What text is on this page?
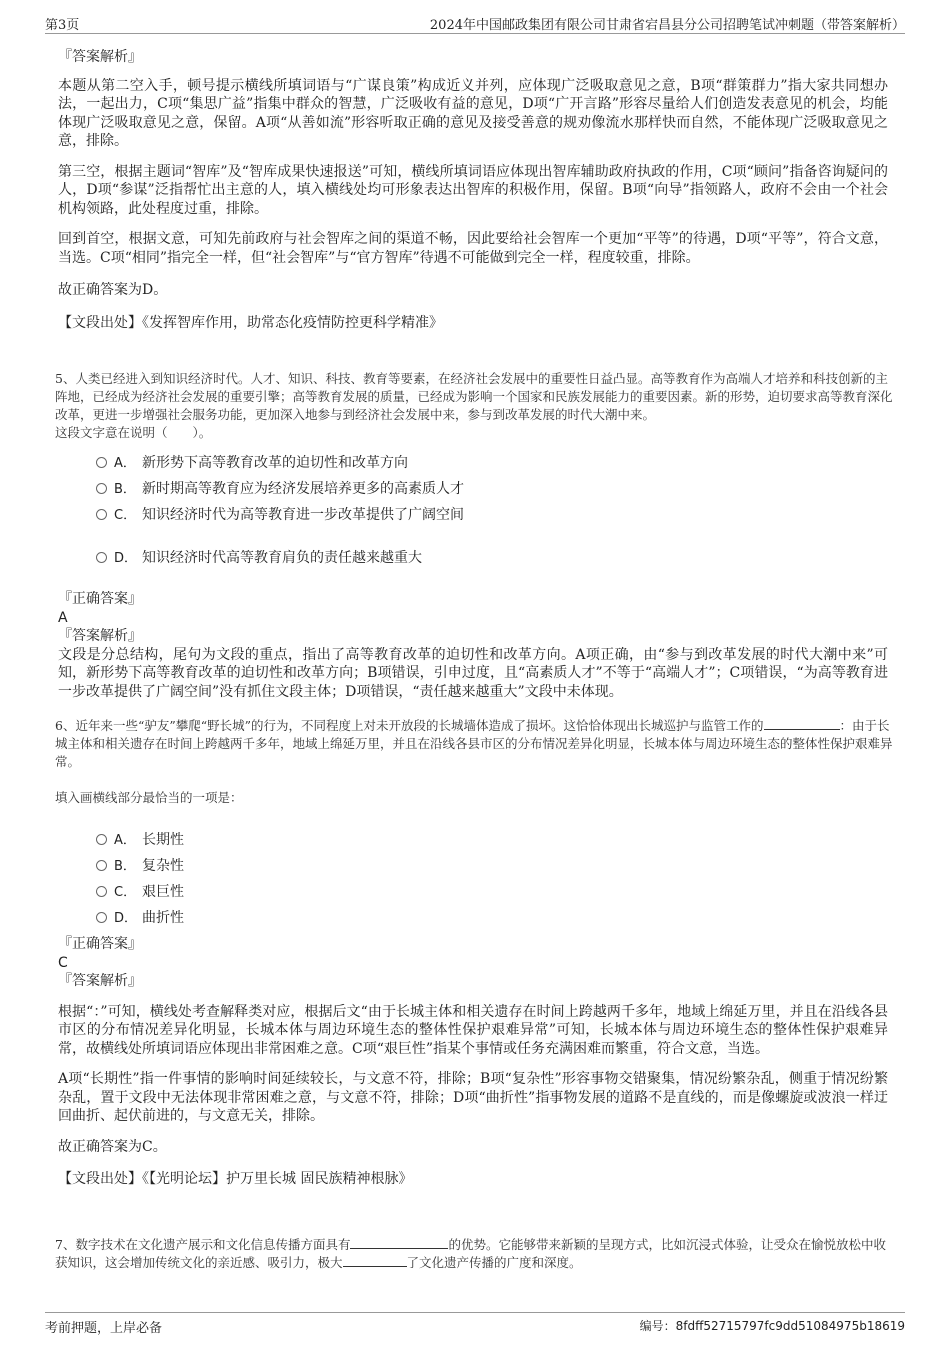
第3页	2024年中国邮政集团有限公司甘肃省宕昌县分公司招聘笔试冲刺题（带答案解析）

『答案解析』

本题从第二空入手，顿号提示横线所填词语与“广谋良策”构成近义并列，应体现广泛吸取意见之意，B项“群策群力”指大家共同想办法，一起出力，C项“集思广益”指集中群众的智慧，广泛吸收有益的意见，D项“广开言路”形容尽量给人们创造发表意见的机会，均能体现广泛吸取意见之意，保留。A项“从善如流”形容听取正确的意见及接受善意的规劝像流水那样快而自然，不能体现广泛吸取意见之意，排除。

第三空，根据主题词“智库”及“智库成果快速报送”可知，横线所填词语应体现出智库辅助政府执政的作用，C项“顾问”指备咨询疑问的人，D项“参谋”泛指帮忙出主意的人，填入横线处均可形象表达出智库的积极作用，保留。B项“向导”指领路人，政府不会由一个社会机构领路，此处程度过重，排除。

回到首空，根据文意，可知先前政府与社会智库之间的渠道不畅，因此要给社会智库一个更加“平等”的待遇，D项“平等”，符合文意，当选。C项“相同”指完全一样，但“社会智库”与“官方智库”待遇不可能做到完全一样，程度较重，排除。

故正确答案为D。

【文段出处】《发挥智库作用，助常态化疫情防控更科学精准》

5、人类已经进入到知识经济时代。人才、知识、科技、教育等要素，在经济社会发展中的重要性日益凸显。高等教育作为高端人才培养和科技创新的主阵地，已经成为经济社会发展的重要引擎；高等教育发展的质量，已经成为影响一个国家和民族发展能力的重要因素。新的形势，迫切要求高等教育深化改革，更进一步增强社会服务功能，更加深入地参与到经济社会发展中来，参与到改革发展的时代大潮中来。
这段文字意在说明（　　）。
A． 新形势下高等教育改革的迫切性和改革方向
B． 新时期高等教育应为经济发展培养更多的高素质人才
C． 知识经济时代为高等教育进一步改革提供了广阔空间
D． 知识经济时代高等教育肩负的责任越来越重大
『正确答案』
A
『答案解析』
文段是分总结构，尾句为文段的重点，指出了高等教育改革的迫切性和改革方向。A项正确，由“参与到改革发展的时代大潮中来”可知，新形势下高等教育改革的迫切性和改革方向；B项错误，引申过度，且“高素质人才”不等于“高端人才”；C项错误，“为高等教育进一步改革提供了广阔空间”没有抓住文段主体；D项错误，“责任越来越重大”文段中未体现。
6、近年来一些“驴友”攀爬“野长城”的行为，不同程度上对未开放段的长城墙体造成了损坏。这恰恰体现出长城巡护与监管工作的	：由于长城主体和相关遗存在时间上跨越两千多年，地域上绵延万里，并且在沿线各县市区的分布情况差异化明显，长城本体与周边环境生态的整体性保护艰难异常。
填入画横线部分最恰当的一项是：
A． 长期性
B． 复杂性
C． 艰巨性
D． 曲折性
『正确答案』
C
『答案解析』

根据“：”可知，横线处考查解释类对应，根据后文“由于长城主体和相关遗存在时间上跨越两千多年，地域上绵延万里，并且在沿线各县市区的分布情况差异化明显，长城本体与周边环境生态的整体性保护艰难异常”可知，长城本体与周边环境生态的整体性保护艰难异常，故横线处所填词语应体现出非常困难之意。C项“艰巨性”指某个事情或任务充满困难而繁重，符合文意，当选。

A项“长期性”指一件事情的影响时间延续较长，与文意不符，排除；B项“复杂性”形容事物交错聚集，情况纷繁杂乱，侧重于情况纷繁杂乱，置于文段中无法体现非常困难之意，与文意不符，排除；D项“曲折性”指事物发展的道路不是直线的，而是像螺旋或波浪一样迂回曲折、起伏前进的，与文意无关，排除。

故正确答案为C。

【文段出处】《【光明论坛】护万里长城 固民族精神根脉》

7、数字技术在文化遗产展示和文化信息传播方面具有	的优势。它能够带来新颖的呈现方式，比如沉浸式体验，让受众在愉悦放松中收获知识，这会增加传统文化的亲近感、吸引力，极大	了文化遗产传播的广度和深度。
考前押题，上岸必备	编号：8fdff52715797fc9dd51084975b18619
